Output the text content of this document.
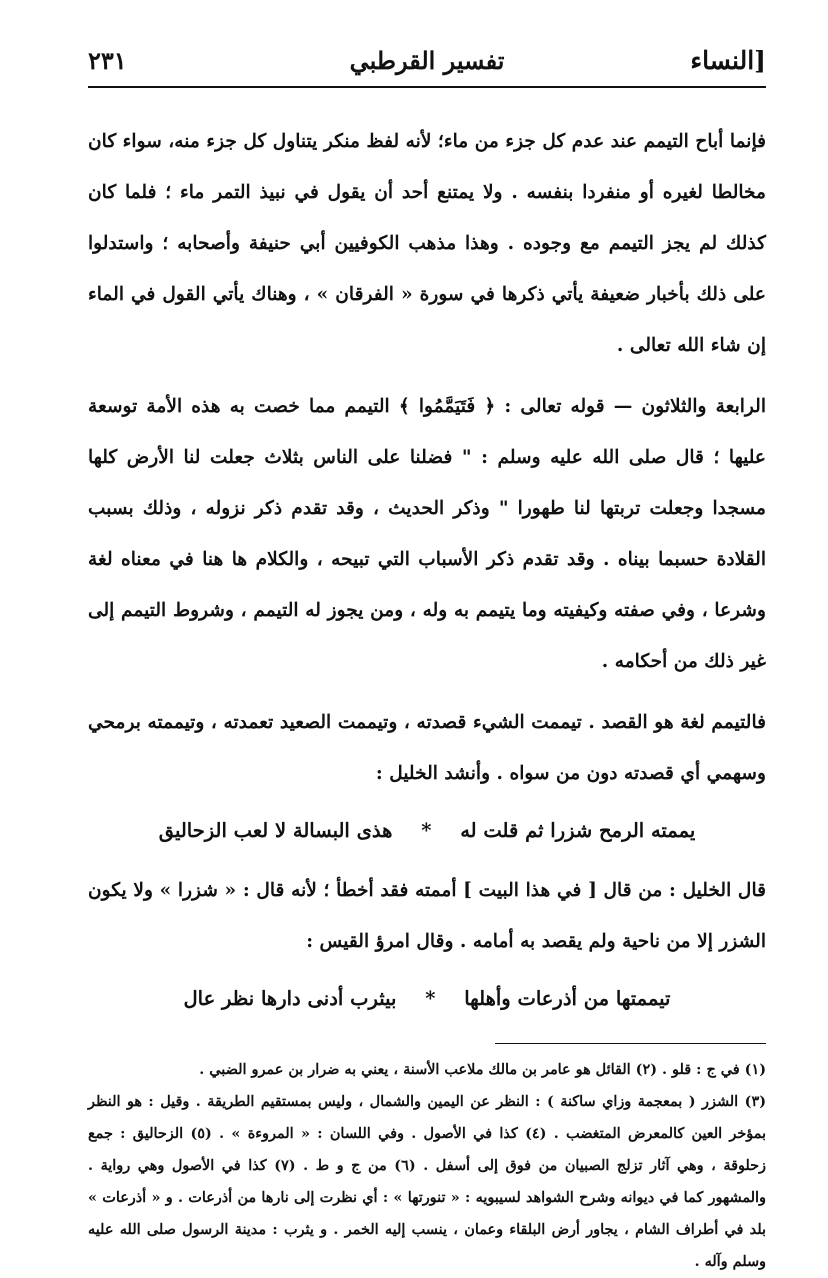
[النساء
تفسير القرطبي
٢٣١

فإنما أباح التيمم عند عدم كل جزء من ماء؛ لأنه لفظ منكر يتناول كل جزء منه، سواء كان مخالطا لغيره أو منفردا بنفسه . ولا يمتنع أحد أن يقول في نبيذ التمر ماء ؛ فلما كان كذلك لم يجز التيمم مع وجوده . وهذا مذهب الكوفيين أبي حنيفة وأصحابه ؛ واستدلوا على ذلك بأخبار ضعيفة يأتي ذكرها في سورة « الفرقان » ، وهناك يأتي القول في الماء إن شاء الله تعالى .

الرابعة والثلاثون — قوله تعالى : ﴿ فَتَيَمَّمُوا ﴾ التيمم مما خصت به هذه الأمة توسعة عليها ؛ قال صلى الله عليه وسلم : " فضلنا على الناس بثلاث جعلت لنا الأرض كلها مسجدا وجعلت تربتها لنا طهورا " وذكر الحديث ، وقد تقدم ذكر نزوله ، وذلك بسبب القلادة حسبما بيناه . وقد تقدم ذكر الأسباب التي تبيحه ، والكلام ها هنا في معناه لغة وشرعا ، وفي صفته وكيفيته وما يتيمم به وله ، ومن يجوز له التيمم ، وشروط التيمم إلى غير ذلك من أحكامه .

فالتيمم لغة هو القصد . تيممت الشيء قصدته ، وتيممت الصعيد تعمدته ، وتيممته برمحي وسهمي أي قصدته دون من سواه . وأنشد الخليل :

يممته الرمح شزرا ثم قلت له * هذى البسالة لا لعب الزحاليق

قال الخليل : من قال [ في هذا البيت ] أممته فقد أخطأ ؛ لأنه قال : « شزرا » ولا يكون الشزر إلا من ناحية ولم يقصد به أمامه . وقال امرؤ القيس :

تيممتها من أذرعات وأهلها * بيثرب أدنى دارها نظر عال

(١) في ج : قلو . (٢) القائل هو عامر بن مالك ملاعب الأسنة ، يعني به ضرار بن عمرو الضبي .

(٣) الشزر ( بمعجمة وزاي ساكنة ) : النظر عن اليمين والشمال ، وليس بمستقيم الطريقة . وقيل : هو النظر بمؤخر العين كالمعرض المتغضب . (٤) كذا في الأصول . وفي اللسان : « المروءة » . (٥) الزحاليق : جمع زحلوقة ، وهي آثار تزلج الصبيان من فوق إلى أسفل . (٦) من ج و ط . (٧) كذا في الأصول وهي رواية . والمشهور كما في ديوانه وشرح الشواهد لسيبويه : « تنورتها » : أي نظرت إلى نارها من أذرعات . و « أذرعات » بلد في أطراف الشام ، يجاور أرض البلقاء وعمان ، ينسب إليه الخمر . و يثرب : مدينة الرسول صلى الله عليه وسلم وآله .
